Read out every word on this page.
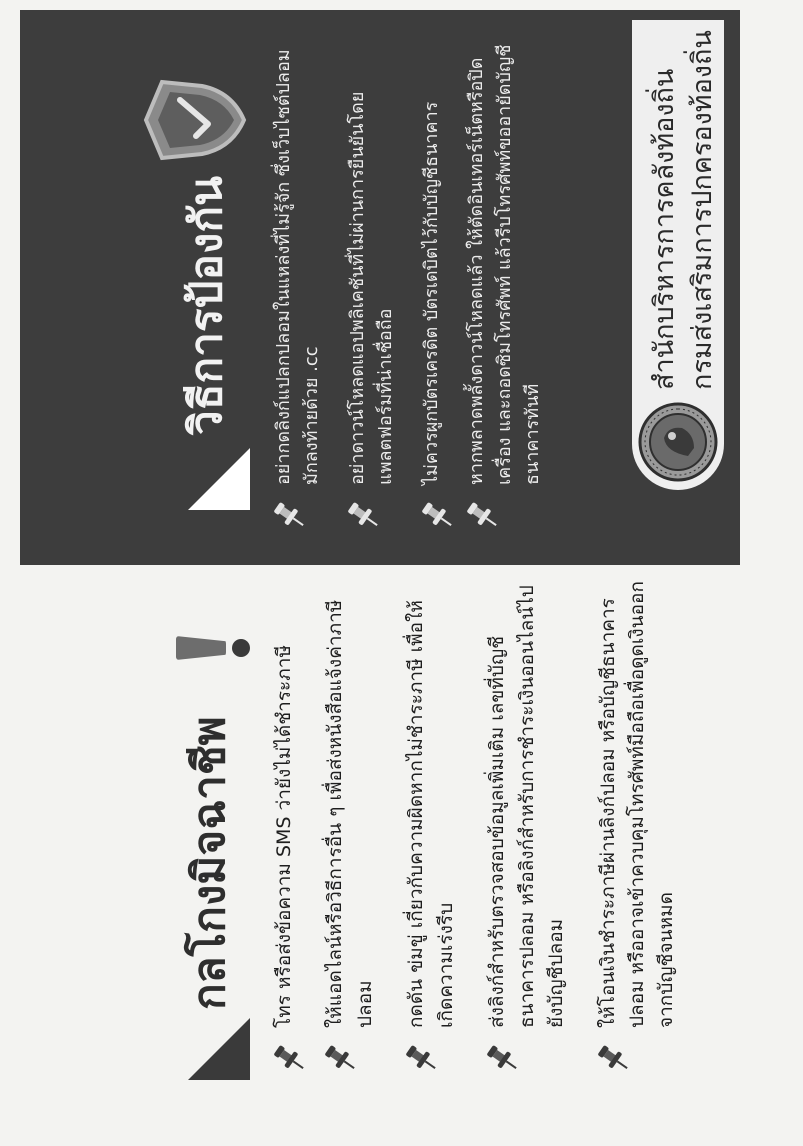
กลโกงมิจฉาชีพ โทร หรือส่งข้อความ SMS ว่ายังไม่ได้ชำระภาษี ให้แอดไลน์หรือวิธีการอื่น ๆ เพื่อส่งหนังสือแจ้งค่าภาษีปลอม กดดัน ข่มขู่ เกี่ยวกับความผิดหากไม่ชำระภาษี เพื่อให้เกิดความเร่งรีบ ส่งลิงก์สำหรับตรวจสอบข้อมูลเพิ่มเติม เลขที่บัญชีธนาคารปลอม หรือลิงก์สำหรับการชำระเงินออนไลน์ไปยังบัญชีปลอม ให้โอนเงินชำระภาษีผ่านลิงก์ปลอม หรือบัญชีธนาคารปลอม หรืออาจเข้าควบคุมโทรศัพท์มือถือเพื่อดูดเงินออกจากบัญชีจนหมด
วิธีการป้องกัน อย่ากดลิงก์แปลกปลอมในแหล่งที่ไม่รู้จัก ซึ่งเว็บไซต์ปลอมมักลงท้ายด้วย .cc อย่าดาวน์โหลดแอปพลิเคชันที่ไม่ผ่านการยืนยันโดยแพลตฟอร์มที่น่าเชื่อถือ ไม่ควรผูกบัตรเครดิต บัตรเดบิตไว้กับบัญชีธนาคาร หากพลาดพลั้งดาวน์โหลดแล้ว ให้ตัดอินเทอร์เน็ตหรือปิดเครื่อง และถอดซิมโทรศัพท์ แล้วรีบโทรศัพท์ขออายัดบัญชีธนาคารทันที
สำนักบริหารการคลังท้องถิ่น กรมส่งเสริมการปกครองท้องถิ่น
